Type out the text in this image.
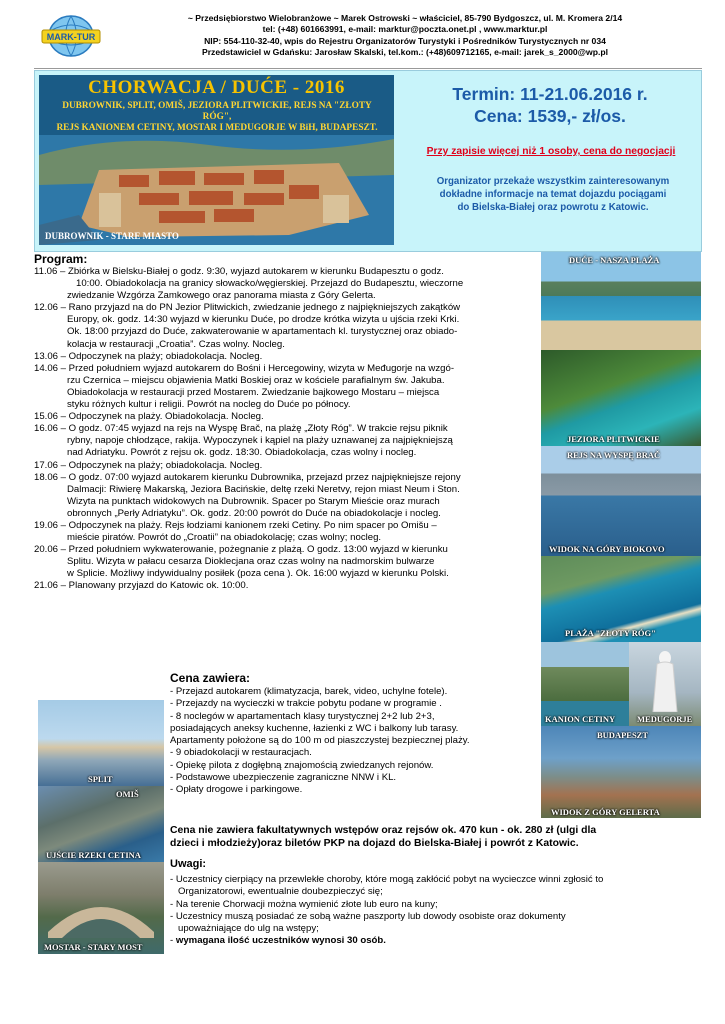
MARK-TUR
~ Przedsiębiorstwo Wielobranżowe ~ Marek Ostrowski ~ właściciel, 85-790 Bydgoszcz, ul. M. Kromera 2/14
tel: (+48) 601663991, e-mail: marktur@poczta.onet.pl , www.marktur.pl
NIP: 554-110-32-40, wpis do Rejestru Organizatorów Turystyki i Pośredników Turystycznych nr 034
Przedstawiciel w Gdańsku: Jarosław Skalski, tel.kom.: (+48)609712165, e-mail: jarek_s_2000@wp.pl
CHORWACJA / DUĆE - 2016
DUBROWNIK, SPLIT, OMIŠ, JEZIORA PLITWICKIE, REJS NA "ZŁOTY RÓG",
REJS KANIONEM CETINY, MOSTAR I MEDUGORJE W BiH, BUDAPESZT.
DUBROWNIK - STARE MIASTO
Termin: 11-21.06.2016 r.
Cena: 1539,- zł/os.
Przy zapisie więcej niż 1 osoby, cena do negocjacji
Organizator przekaże wszystkim zainteresowanym
dokładne informacje na temat dojazdu pociągami
do Bielska-Białej oraz powrotu z Katowic.
Program:
11.06 – Zbiórka w Bielsku-Białej o godz. 9:30, wyjazd autokarem w kierunku Budapesztu o godz.
10:00. Obiadokolacja na granicy słowacko/węgierskiej. Przejazd do Budapesztu, wieczorne
zwiedzanie Wzgórza Zamkowego oraz panorama miasta z Góry Gelerta.
12.06 – Rano przyjazd na do PN Jezior Plitwickich, zwiedzanie jednego z najpiękniejszych zakątków
Europy, ok. godz. 14:30 wyjazd w kierunku Duće, po drodze krótka wizyta u ujścia rzeki Krki.
Ok. 18:00 przyjazd do Duće, zakwaterowanie w apartamentach kl. turystycznej oraz obiado-
kolacja w restauracji „Croatia”. Czas wolny. Nocleg.
13.06 – Odpoczynek na plaży; obiadokolacja. Nocleg.
14.06 – Przed południem wyjazd autokarem do Bośni i Hercegowiny, wizyta w Međugorje na wzgó-
rzu Czernica – miejscu objawienia Matki Boskiej oraz w kościele parafialnym św. Jakuba.
Obiadokolacja w restauracji przed Mostarem. Zwiedzanie bajkowego Mostaru – miejsca
styku różnych kultur i religii. Powrót na nocleg do Duće po północy.
15.06 – Odpoczynek na plaży. Obiadokolacja. Nocleg.
16.06 – O godz. 07:45 wyjazd na rejs na Wyspę Brač, na plażę „Złoty Róg”. W trakcie rejsu piknik
rybny, napoje chłodzące, rakija. Wypoczynek i kąpiel na plaży uznawanej za najpiękniejszą
nad Adriatyku. Powrót z rejsu ok. godz. 18:30. Obiadokolacja, czas wolny i nocleg.
17.06 – Odpoczynek na plaży; obiadokolacja. Nocleg.
18.06 – O godz. 07:00 wyjazd autokarem kierunku Dubrownika, przejazd przez najpiękniejsze rejony
Dalmacji: Riwierę Makarską, Jeziora Bacińskie, deltę rzeki Neretvy, rejon miast Neum i Ston.
Wizyta na punktach widokowych na Dubrownik. Spacer po Starym Mieście oraz murach
obronnych „Perły Adriatyku”. Ok. godz. 20:00 powrót do Duće na obiadokolacje i nocleg.
19.06 – Odpoczynek na plaży. Rejs łodziami kanionem rzeki Cetiny. Po nim spacer po Omišu –
mieście piratów. Powrót do „Croatii” na obiadokolację; czas wolny; nocleg.
20.06 – Przed południem wykwaterowanie, pożegnanie z plażą. O godz. 13:00 wyjazd w kierunku
Splitu. Wizyta w pałacu cesarza Dioklecjana oraz czas wolny na nadmorskim bulwarze
w Splicie. Możliwy indywidualny posiłek (poza cena ). Ok. 16:00 wyjazd w kierunku Polski.
21.06 – Planowany przyjazd do Katowic ok. 10:00.
DUĆE - NASZA PLAŻA
JEZIORA PLITWICKIE
REJS NA WYSPĘ BRAČ
WIDOK NA GÓRY BIOKOVO
PLAŻA "ZŁOTY RÓG"
KANION CETINY	MEDUGORJE
BUDAPESZT
WIDOK Z GÓRY GELERTA
SPLIT
OMIŠ
UJŚCIE RZEKI CETINA
MOSTAR - STARY MOST
Cena zawiera:
- Przejazd autokarem (klimatyzacja, barek, video, uchylne fotele).
- Przejazdy na wycieczki w trakcie pobytu podane w programie .
- 8 noclegów w apartamentach klasy turystycznej 2+2 lub 2+3,
posiadających aneksy kuchenne, łazienki z WC i balkony lub tarasy.
Apartamenty położone są do 100 m od piaszczystej bezpiecznej plaży.
- 9 obiadokolacji w restauracjach.
- Opiekę pilota z dogłębną znajomością zwiedzanych rejonów.
- Podstawowe ubezpieczenie zagraniczne NNW i KL.
- Opłaty drogowe i parkingowe.
Cena nie zawiera fakultatywnych wstępów oraz rejsów ok. 470 kun - ok. 280 zł (ulgi dla
dzieci i młodzieży)oraz biletów PKP na dojazd do Bielska-Białej i powrót z Katowic.
Uwagi:
- Uczestnicy cierpiący na przewlekłe choroby, które mogą zakłócić pobyt na wycieczce winni zgłosić to
Organizatorowi, ewentualnie doubezpieczyć się;
- Na terenie Chorwacji można wymienić złote lub euro na kuny;
- Uczestnicy muszą posiadać ze sobą ważne paszporty lub dowody osobiste oraz dokumenty
upoważniające do ulg na wstępy;
- wymagana ilość uczestników wynosi 30 osób.
